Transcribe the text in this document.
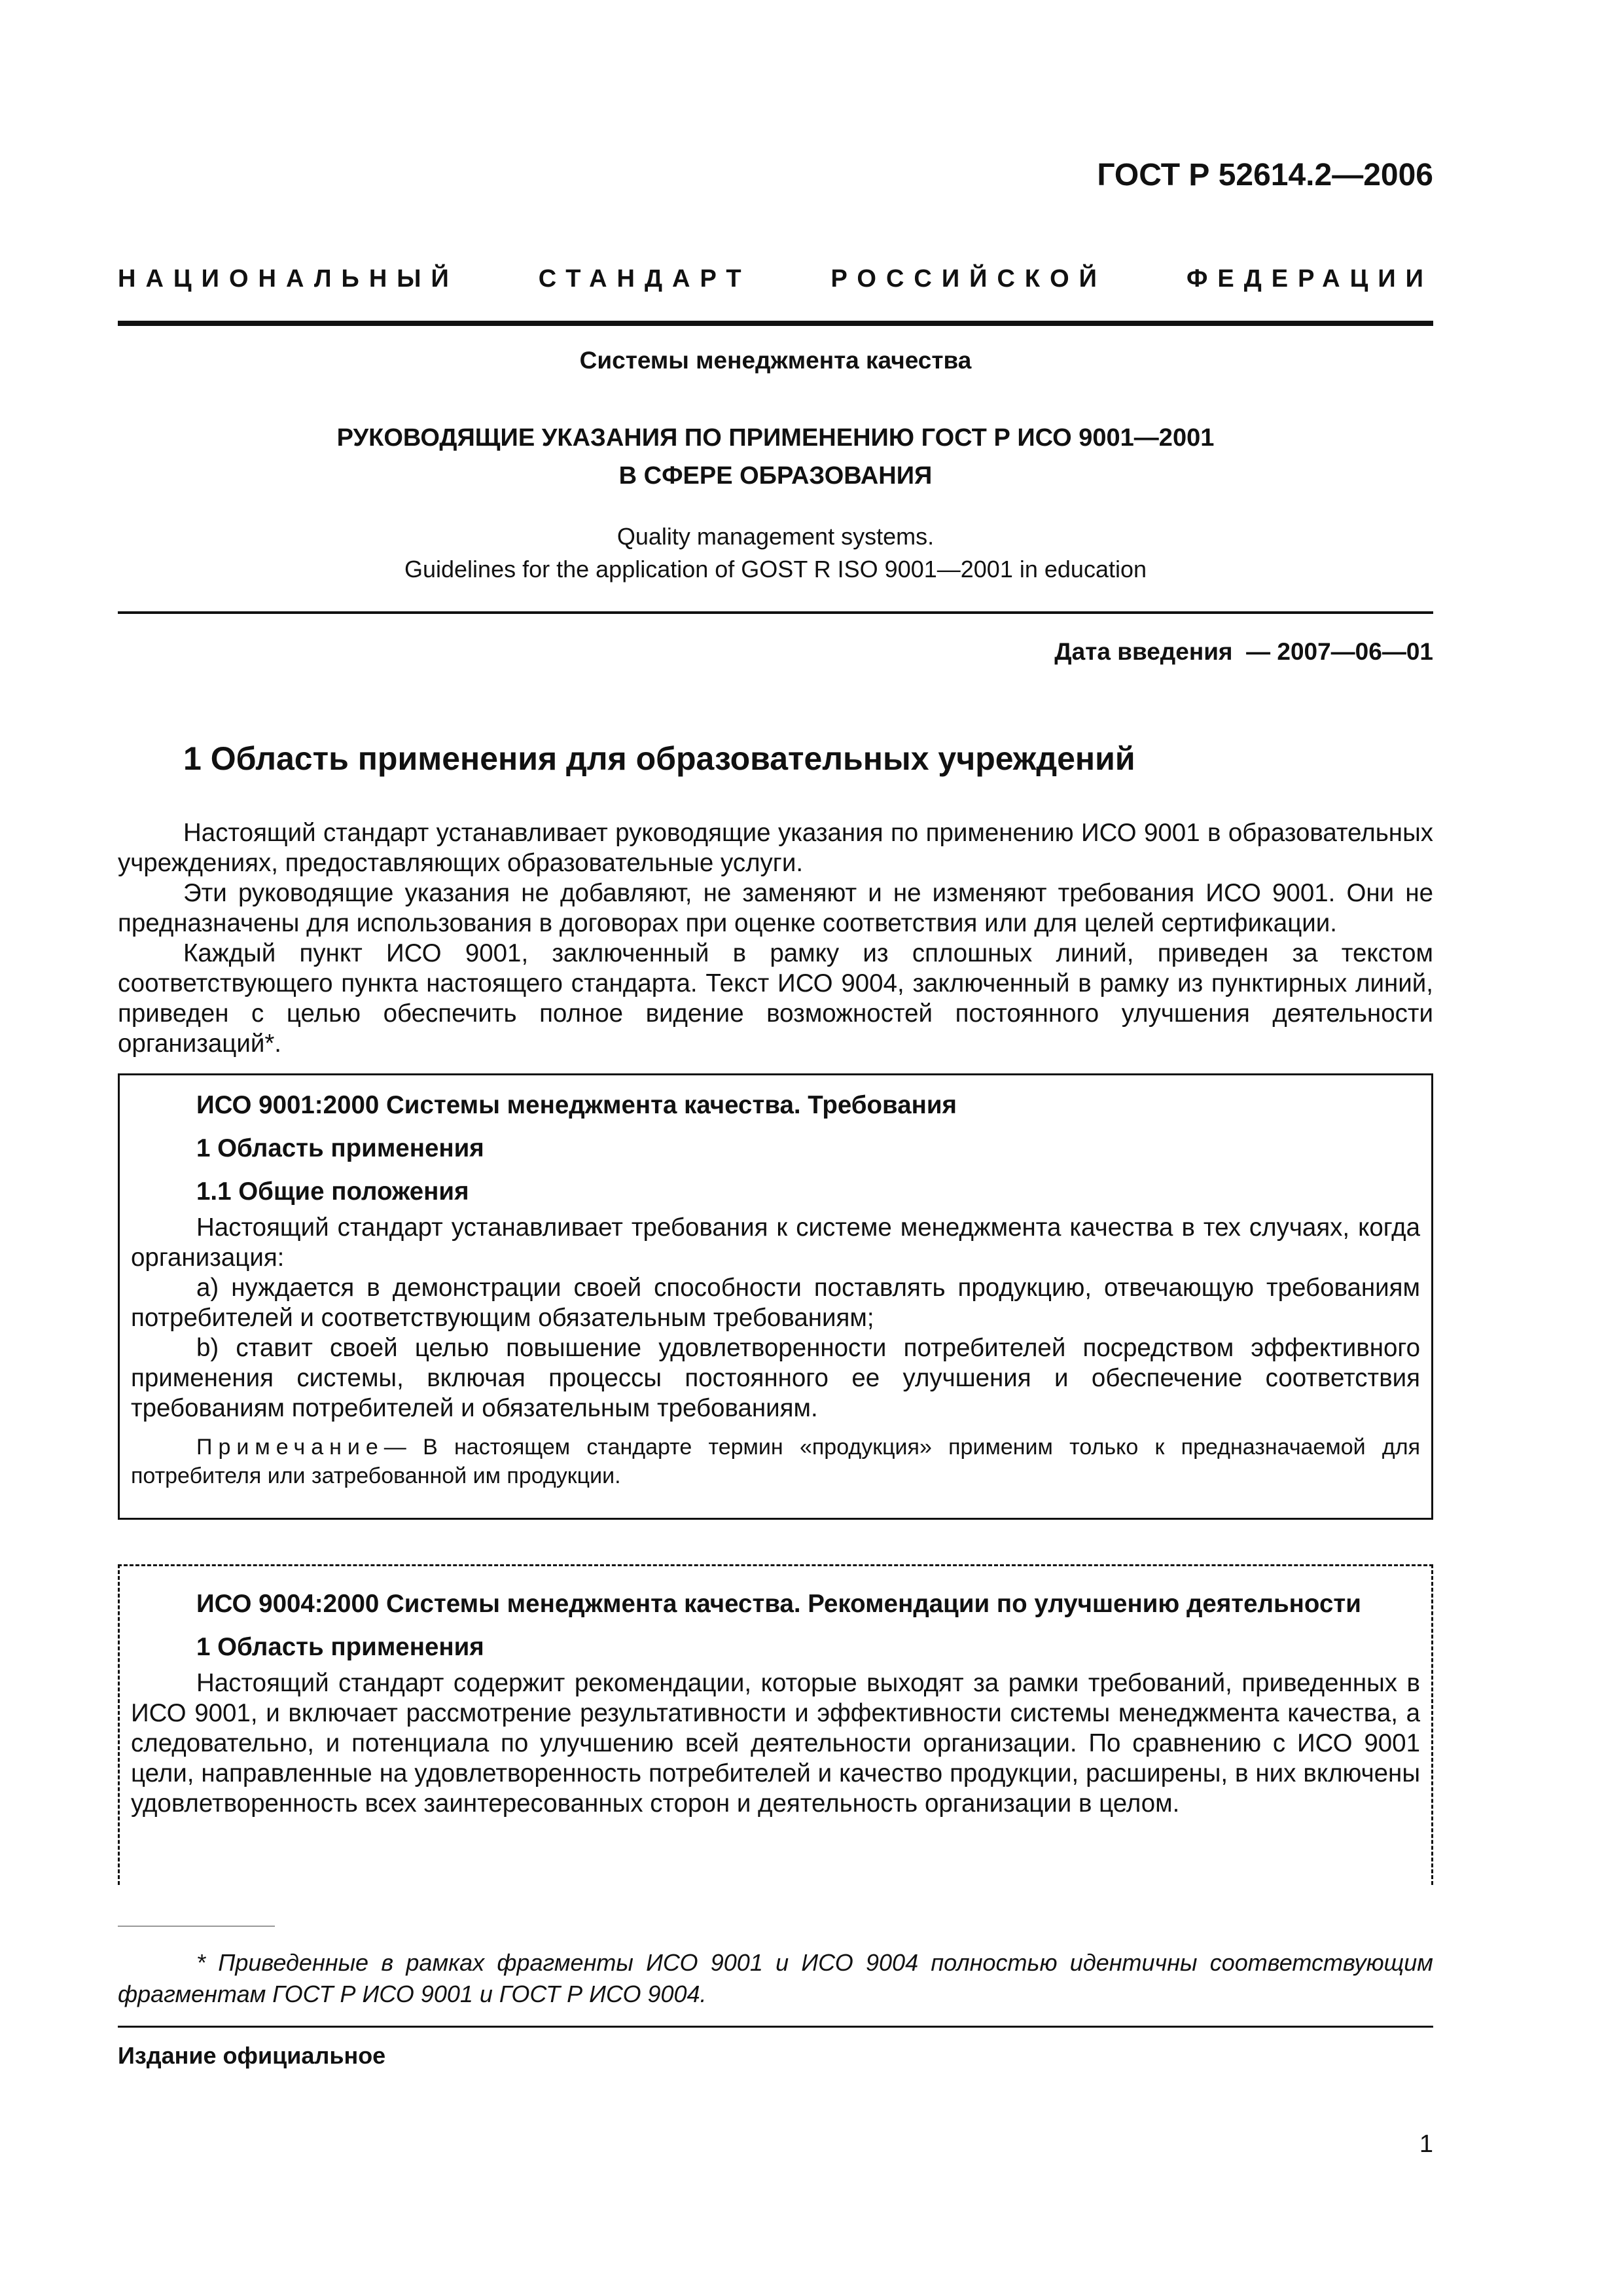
ГОСТ Р 52614.2—2006
НАЦИОНАЛЬНЫЙ	СТАНДАРТ	РОССИЙСКОЙ	ФЕДЕРАЦИИ
Системы менеджмента качества
РУКОВОДЯЩИЕ УКАЗАНИЯ ПО ПРИМЕНЕНИЮ ГОСТ Р ИСО 9001—2001
В СФЕРЕ ОБРАЗОВАНИЯ
Quality management systems.
Guidelines for the application of GOST R ISO 9001—2001 in education
Дата введения — 2007—06—01
1 Область применения для образовательных учреждений

Настоящий стандарт устанавливает руководящие указания по применению ИСО 9001 в образовательных учреждениях, предоставляющих образовательные услуги.

Эти руководящие указания не добавляют, не заменяют и не изменяют требования ИСО 9001. Они не предназначены для использования в договорах при оценке соответствия или для целей сертификации.

Каждый пункт ИСО 9001, заключенный в рамку из сплошных линий, приведен за текстом соответствующего пункта настоящего стандарта. Текст ИСО 9004, заключенный в рамку из пунктирных линий, приведен с целью обеспечить полное видение возможностей постоянного улучшения деятельности организаций*.

ИСО 9001:2000 Системы менеджмента качества. Требования

1 Область применения

1.1 Общие положения

Настоящий стандарт устанавливает требования к системе менеджмента качества в тех случаях, когда организация:

a) нуждается в демонстрации своей способности поставлять продукцию, отвечающую требованиям потребителей и соответствующим обязательным требованиям;

b) ставит своей целью повышение удовлетворенности потребителей посредством эффективного применения системы, включая процессы постоянного ее улучшения и обеспечение соответствия требованиям потребителей и обязательным требованиям.

Примечание— В настоящем стандарте термин «продукция» применим только к предназначаемой для потребителя или затребованной им продукции.

ИСО 9004:2000 Системы менеджмента качества. Рекомендации по улучшению деятельности

1 Область применения

Настоящий стандарт содержит рекомендации, которые выходят за рамки требований, приведенных в ИСО 9001, и включает рассмотрение результативности и эффективности системы менеджмента качества, а следовательно, и потенциала по улучшению всей деятельности организации. По сравнению с ИСО 9001 цели, направленные на удовлетворенность потребителей и качество продукции, расширены, в них включены удовлетворенность всех заинтересованных сторон и деятельность организации в целом.

* Приведенные в рамках фрагменты ИСО 9001 и ИСО 9004 полностью идентичны соответствующим фрагментам ГОСТ Р ИСО 9001 и ГОСТ Р ИСО 9004.
Издание официальное
1
